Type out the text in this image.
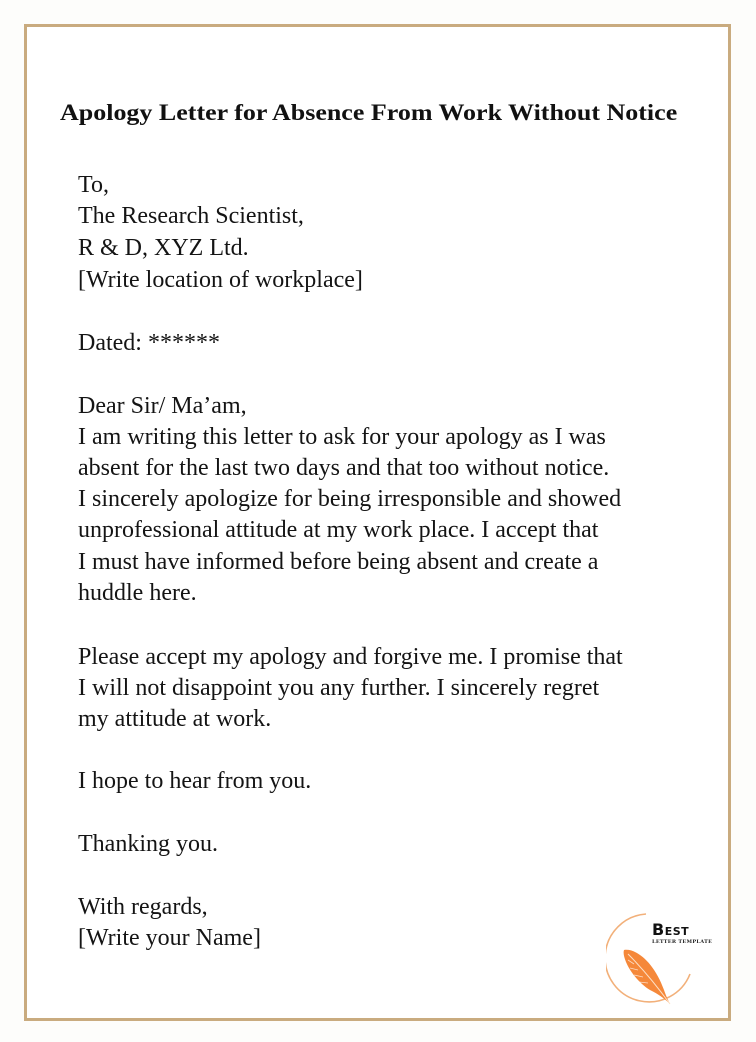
Apology Letter for Absence From Work Without Notice
To,
The Research Scientist,
R & D, XYZ Ltd.
[Write location of workplace]
Dated: ******
Dear Sir/ Ma’am,
I am writing this letter to ask for your apology as I was
absent for the last two days and that too without notice.
I sincerely apologize for being irresponsible and showed
unprofessional attitude at my work place. I accept that
I must have informed before being absent and create a
huddle here.
Please accept my apology and forgive me. I promise that
I will not disappoint you any further. I sincerely regret
my attitude at work.
I hope to hear from you.
Thanking you.
With regards,
[Write your Name]	BEST
LETTER TEMPLATE
